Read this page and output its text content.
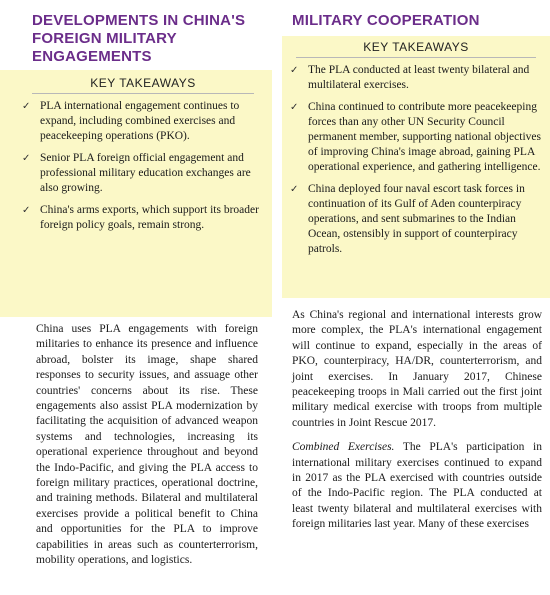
DEVELOPMENTS IN CHINA'S FOREIGN MILITARY ENGAGEMENTS
KEY TAKEAWAYS
✓ PLA international engagement continues to expand, including combined exercises and peacekeeping operations (PKO).
✓ Senior PLA foreign official engagement and professional military education exchanges are also growing.
✓ China's arms exports, which support its broader foreign policy goals, remain strong.

China uses PLA engagements with foreign militaries to enhance its presence and influence abroad, bolster its image, shape shared responses to security issues, and assuage other countries' concerns about its rise. These engagements also assist PLA modernization by facilitating the acquisition of advanced weapon systems and technologies, increasing its operational experience throughout and beyond the Indo-Pacific, and giving the PLA access to foreign military practices, operational doctrine, and training methods. Bilateral and multilateral exercises provide a political benefit to China and opportunities for the PLA to improve capabilities in areas such as counterterrorism, mobility operations, and logistics.

MILITARY COOPERATION
KEY TAKEAWAYS
✓ The PLA conducted at least twenty bilateral and multilateral exercises.
✓ China continued to contribute more peacekeeping forces than any other UN Security Council permanent member, supporting national objectives of improving China's image abroad, gaining PLA operational experience, and gathering intelligence.
✓ China deployed four naval escort task forces in continuation of its Gulf of Aden counterpiracy operations, and sent submarines to the Indian Ocean, ostensibly in support of counterpiracy patrols.

As China's regional and international interests grow more complex, the PLA's international engagement will continue to expand, especially in the areas of PKO, counterpiracy, HA/DR, counterterrorism, and joint exercises. In January 2017, Chinese peacekeeping troops in Mali carried out the first joint military medical exercise with troops from multiple countries in Joint Rescue 2017.

Combined Exercises. The PLA's participation in international military exercises continued to expand in 2017 as the PLA exercised with countries outside of the Indo-Pacific region. The PLA conducted at least twenty bilateral and multilateral exercises with foreign militaries last year. Many of these exercises
